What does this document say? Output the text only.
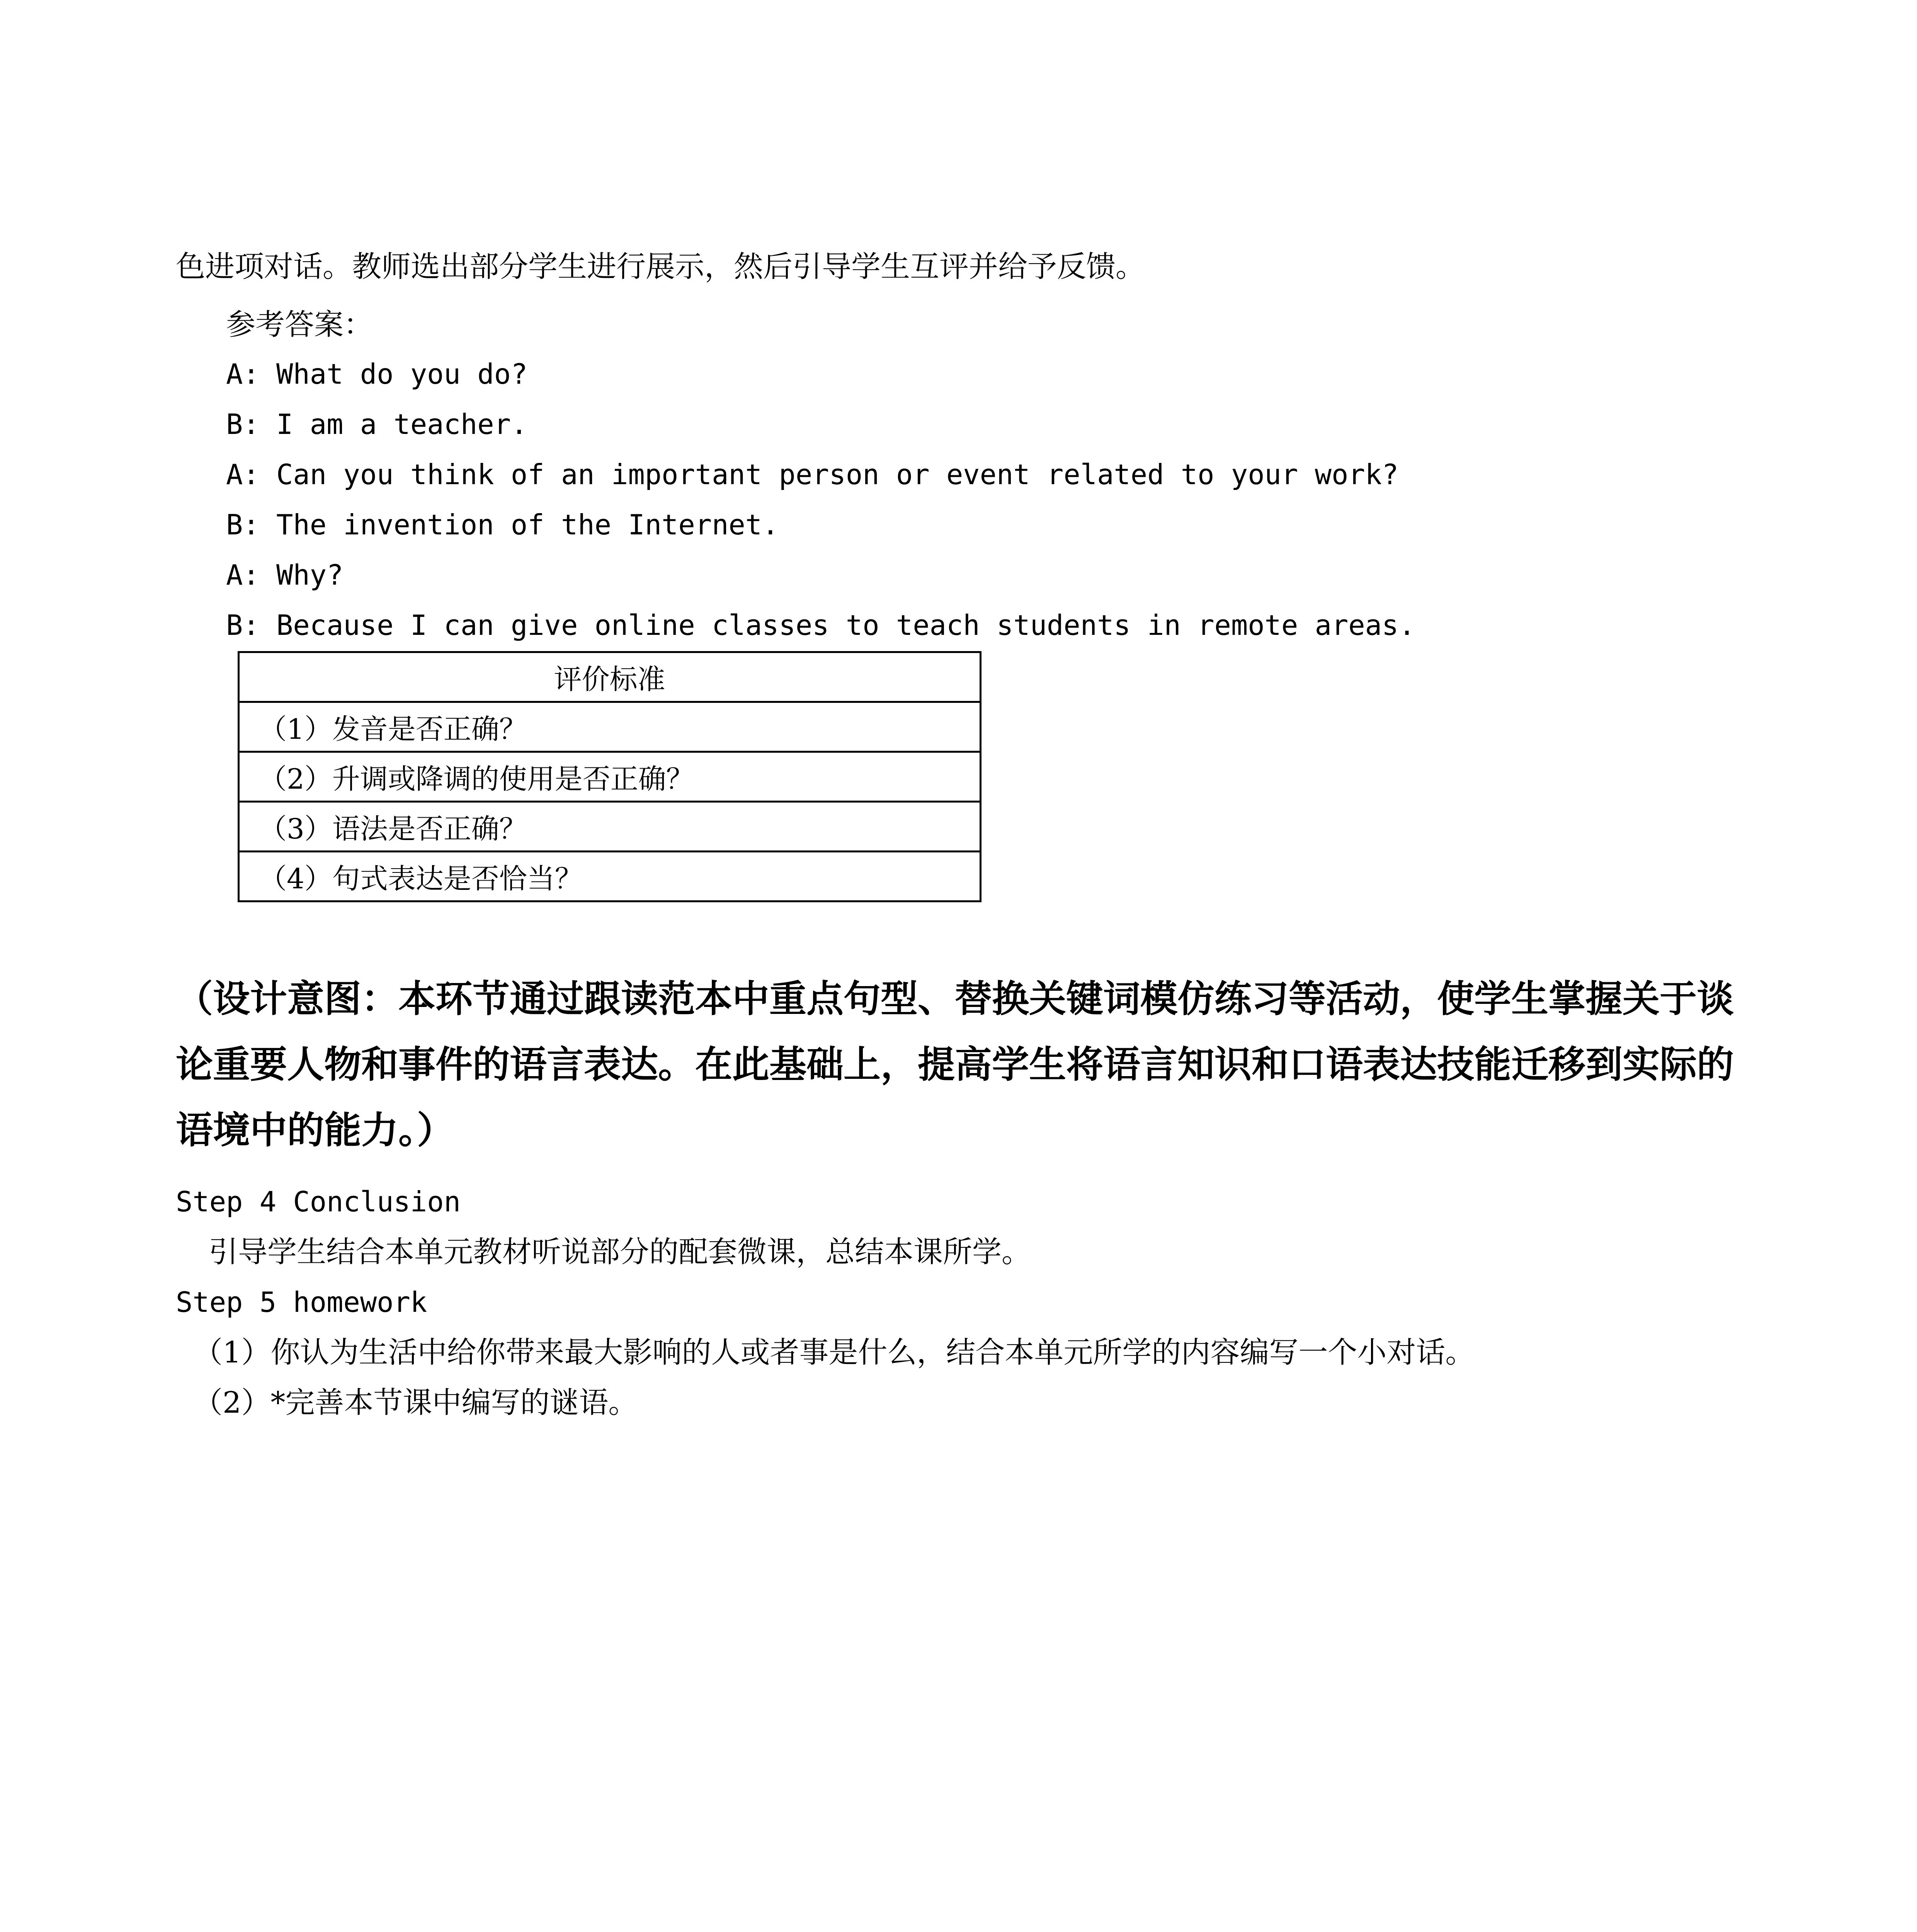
色进项对话。教师选出部分学生进行展示，然后引导学生互评并给予反馈。
参考答案：
A: What do you do?
B: I am a teacher.
A: Can you think of an important person or event related to your work?
B: The invention of the Internet.
A: Why?
B: Because I can give online classes to teach students in remote areas.
评价标准
（1）发音是否正确？
（2）升调或降调的使用是否正确？
（3）语法是否正确？
（4）句式表达是否恰当？
（设计意图：本环节通过跟读范本中重点句型、替换关键词模仿练习等活动，使学生掌握关于谈论重要人物和事件的语言表达。在此基础上，提高学生将语言知识和口语表达技能迁移到实际的语境中的能力。）
Step 4 Conclusion
引导学生结合本单元教材听说部分的配套微课，总结本课所学。
Step 5 homework
（1）你认为生活中给你带来最大影响的人或者事是什么，结合本单元所学的内容编写一个小对话。
（2）*完善本节课中编写的谜语。
